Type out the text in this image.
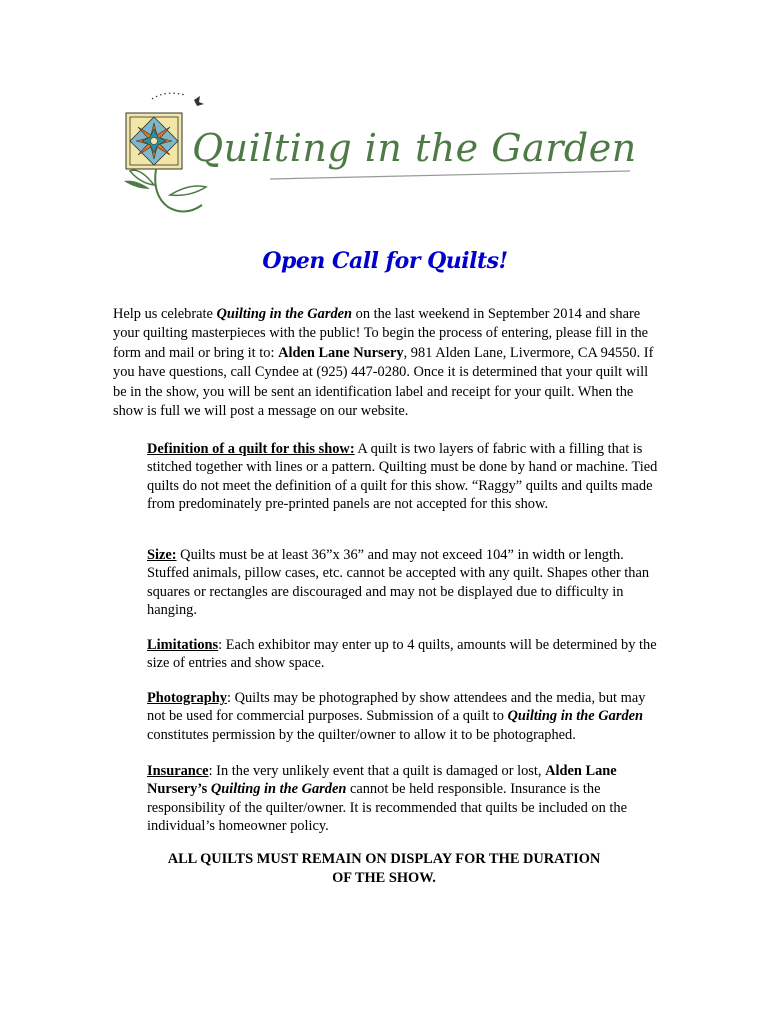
Quilting in the Garden
Open Call for Quilts!
Help us celebrate Quilting in the Garden on the last weekend in September 2014 and share your quilting masterpieces with the public! To begin the process of entering, please fill in the form and mail or bring it to: Alden Lane Nursery, 981 Alden Lane, Livermore, CA 94550. If you have questions, call Cyndee at (925) 447-0280. Once it is determined that your quilt will be in the show, you will be sent an identification label and receipt for your quilt. When the show is full we will post a message on our website.
Definition of a quilt for this show: A quilt is two layers of fabric with a filling that is stitched together with lines or a pattern. Quilting must be done by hand or machine. Tied quilts do not meet the definition of a quilt for this show. “Raggy” quilts and quilts made from predominately pre-printed panels are not accepted for this show.
Size: Quilts must be at least 36”x 36” and may not exceed 104” in width or length. Stuffed animals, pillow cases, etc. cannot be accepted with any quilt. Shapes other than squares or rectangles are discouraged and may not be displayed due to difficulty in hanging.
Limitations: Each exhibitor may enter up to 4 quilts, amounts will be determined by the size of entries and show space.
Photography: Quilts may be photographed by show attendees and the media, but may not be used for commercial purposes. Submission of a quilt to Quilting in the Garden constitutes permission by the quilter/owner to allow it to be photographed.
Insurance: In the very unlikely event that a quilt is damaged or lost, Alden Lane Nursery’s Quilting in the Garden cannot be held responsible. Insurance is the responsibility of the quilter/owner. It is recommended that quilts be included on the individual’s homeowner policy.
ALL QUILTS MUST REMAIN ON DISPLAY FOR THE DURATION
OF THE SHOW.
